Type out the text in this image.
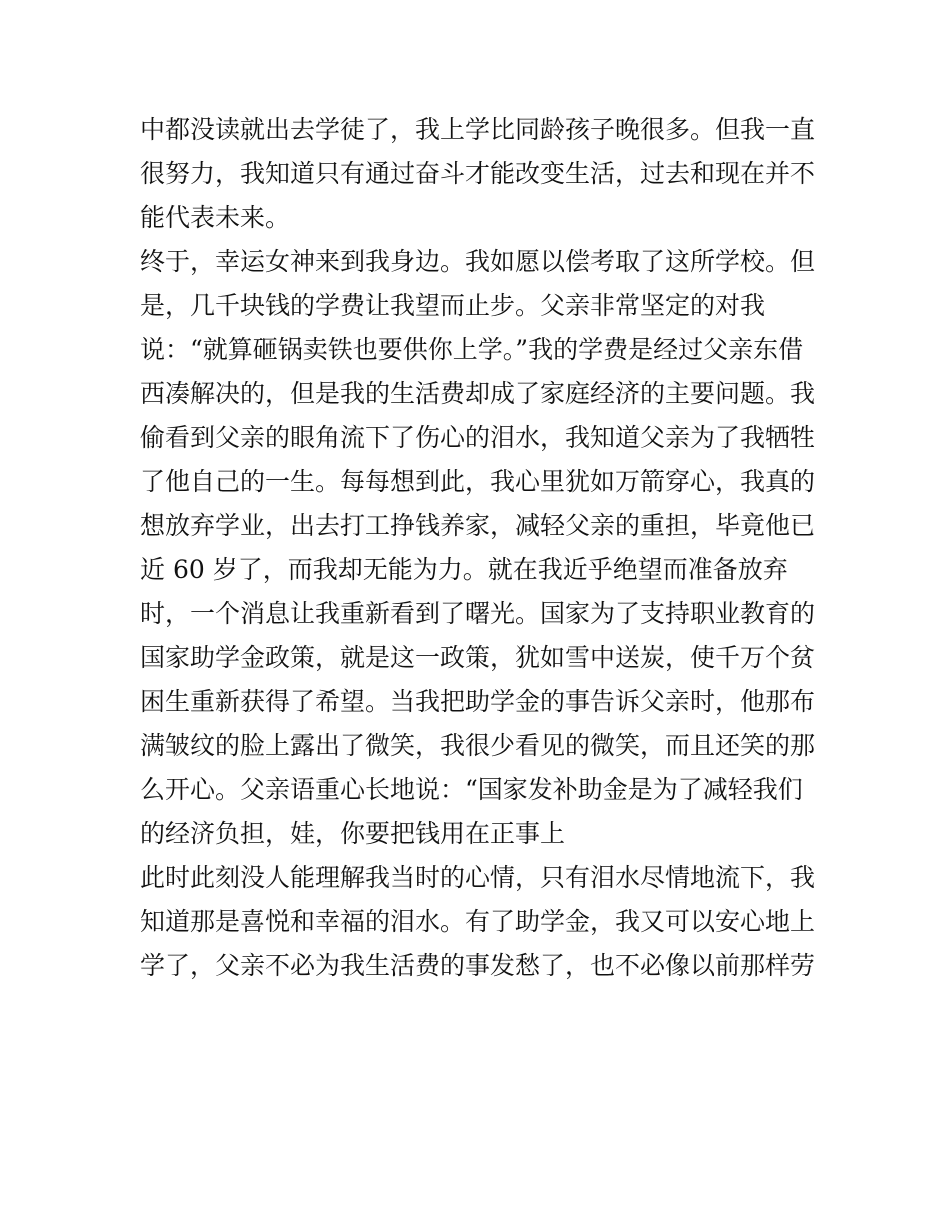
中都没读就出去学徒了，我上学比同龄孩子晚很多。但我一直
很努力，我知道只有通过奋斗才能改变生活，过去和现在并不
能代表未来。
终于，幸运女神来到我身边。我如愿以偿考取了这所学校。但
是，几千块钱的学费让我望而止步。父亲非常坚定的对我
说：“就算砸锅卖铁也要供你上学。”我的学费是经过父亲东借
西凑解决的，但是我的生活费却成了家庭经济的主要问题。我
偷看到父亲的眼角流下了伤心的泪水，我知道父亲为了我牺牲
了他自己的一生。每每想到此，我心里犹如万箭穿心，我真的
想放弃学业，出去打工挣钱养家，减轻父亲的重担，毕竟他已
近 60 岁了，而我却无能为力。就在我近乎绝望而准备放弃
时，一个消息让我重新看到了曙光。国家为了支持职业教育的
国家助学金政策，就是这一政策，犹如雪中送炭，使千万个贫
困生重新获得了希望。当我把助学金的事告诉父亲时，他那布
满皱纹的脸上露出了微笑，我很少看见的微笑，而且还笑的那
么开心。父亲语重心长地说：“国家发补助金是为了减轻我们
的经济负担，娃，你要把钱用在正事上
此时此刻没人能理解我当时的心情，只有泪水尽情地流下，我
知道那是喜悦和幸福的泪水。有了助学金，我又可以安心地上
学了，父亲不必为我生活费的事发愁了，也不必像以前那样劳
